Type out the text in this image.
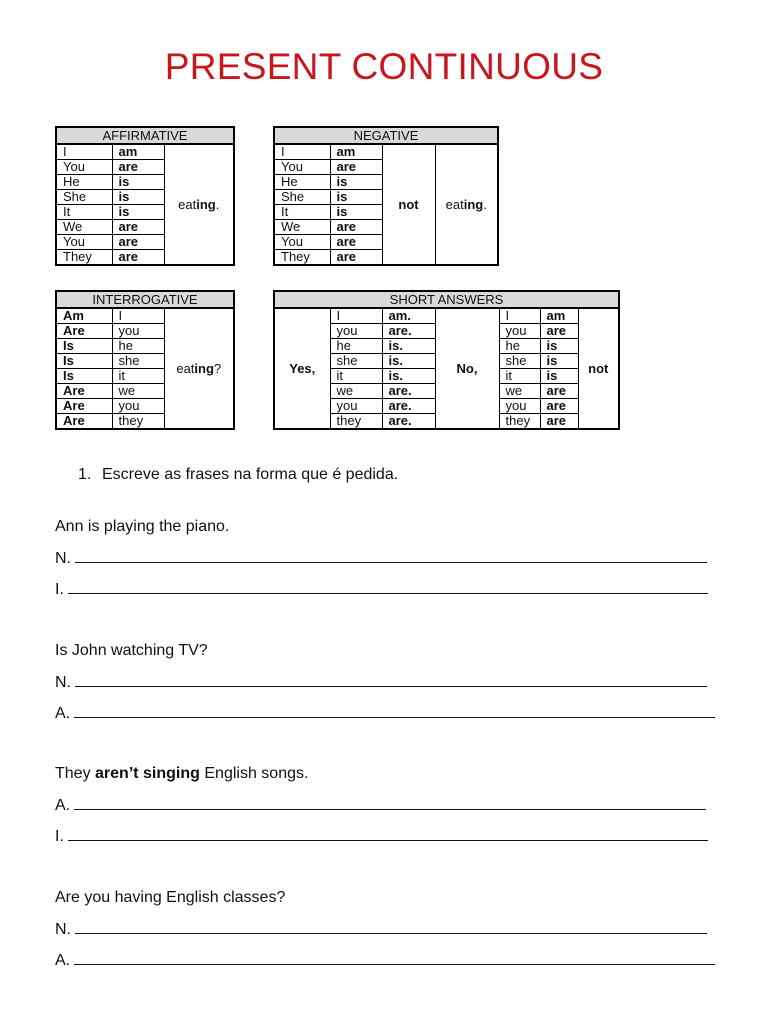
PRESENT CONTINUOUS
AFFIRMATIVE		
I	am	eating.
You	are	
He	is	
She	is	
It	is	
We	are	
You	are	
They	are	
NEGATIVE			
I	am	not	eating.
You	are		
He	is		
She	is		
It	is		
We	are		
You	are		
They	are		
INTERROGATIVE		
Am	I	eating?
Are	you	
Is	he	
Is	she	
Is	it	
Are	we	
Are	you	
Are	they	
SHORT ANSWERS						
Yes,	I	am.	No,	I	am	not
	you	are.		you	are	
	he	is.		he	is	
	she	is.		she	is	
	it	is.		it	is	
	we	are.		we	are	
	you	are.		you	are	
	they	are.		they	are	
1. Escreve as frases na forma que é pedida.
Ann is playing the piano.
N.
I.
Is John watching TV?
N.
A.
They aren’t singing English songs.
A.
I.
Are you having English classes?
N.
A.
